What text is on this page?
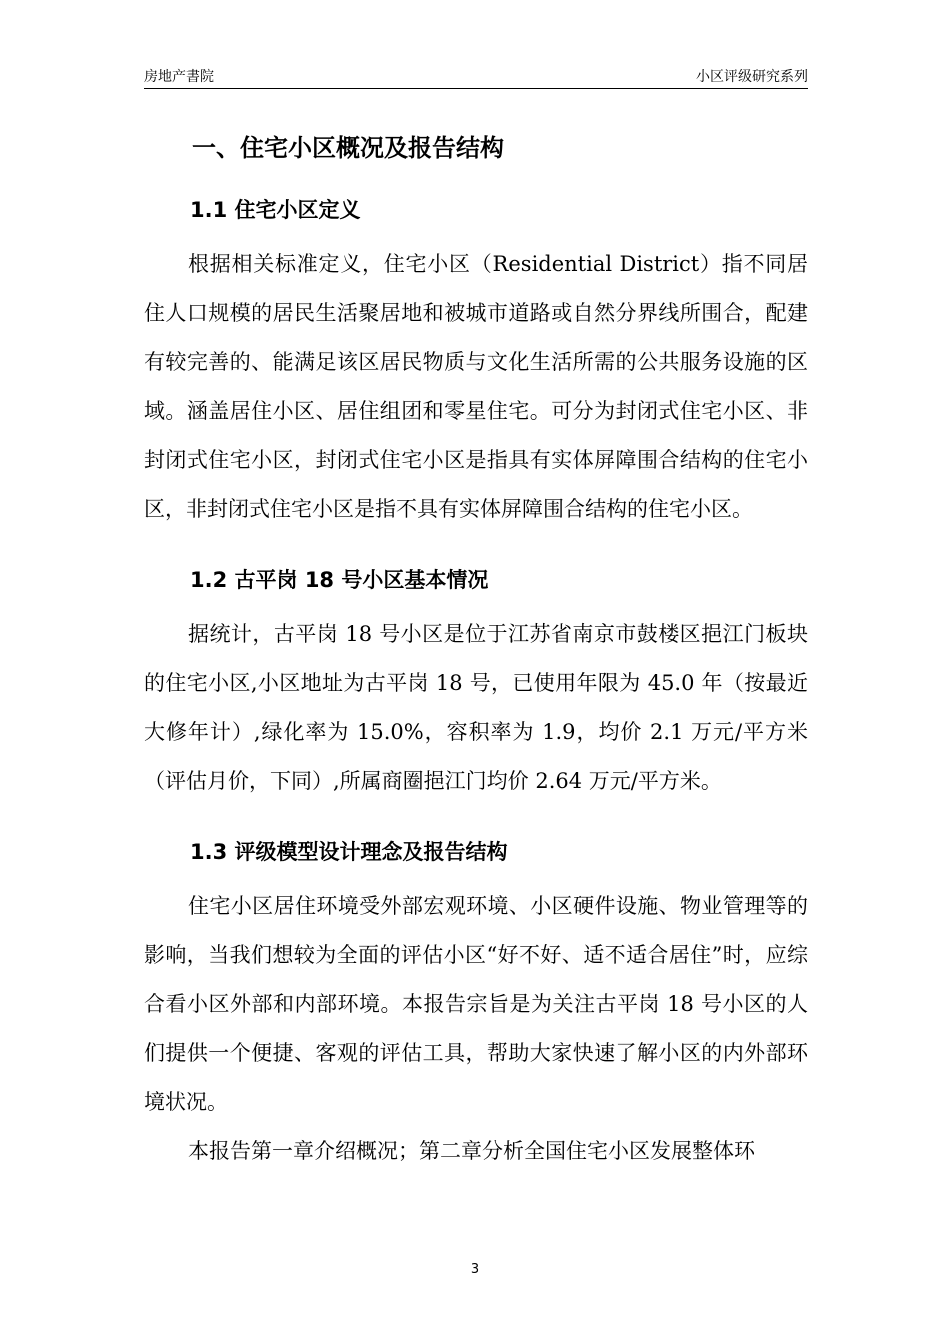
房地产書院	小区评级研究系列
一、住宅小区概况及报告结构
1.1 住宅小区定义

根据相关标准定义，住宅小区（Residential District）指不同居住人口规模的居民生活聚居地和被城市道路或自然分界线所围合，配建有较完善的、能满足该区居民物质与文化生活所需的公共服务设施的区域。涵盖居住小区、居住组团和零星住宅。可分为封闭式住宅小区、非封闭式住宅小区，封闭式住宅小区是指具有实体屏障围合结构的住宅小区，非封闭式住宅小区是指不具有实体屏障围合结构的住宅小区。

1.2 古平岗 18 号小区基本情况

据统计，古平岗 18 号小区是位于江苏省南京市鼓楼区挹江门板块的住宅小区,小区地址为古平岗 18 号，已使用年限为 45.0 年（按最近大修年计）,绿化率为 15.0%，容积率为 1.9，均价 2.1 万元/平方米（评估月价，下同）,所属商圈挹江门均价 2.64 万元/平方米。

1.3 评级模型设计理念及报告结构

住宅小区居住环境受外部宏观环境、小区硬件设施、物业管理等的影响，当我们想较为全面的评估小区“好不好、适不适合居住”时，应综合看小区外部和内部环境。本报告宗旨是为关注古平岗 18 号小区的人们提供一个便捷、客观的评估工具，帮助大家快速了解小区的内外部环境状况。

本报告第一章介绍概况；第二章分析全国住宅小区发展整体环

3
